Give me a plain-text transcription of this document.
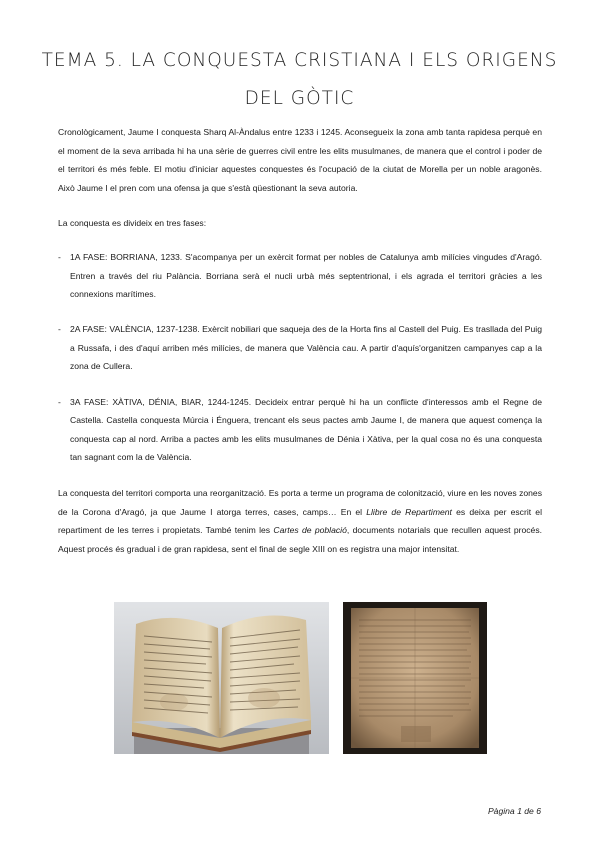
TEMA 5. LA CONQUESTA CRISTIANA I ELS ORIGENS DEL GÒTIC

Cronològicament, Jaume I conquesta Sharq Al-Àndalus entre 1233 i 1245. Aconsegueix la zona amb tanta rapidesa perquè en el moment de la seva arribada hi ha una sèrie de guerres civil entre les elits musulmanes, de manera que el control i poder de el territori és més feble. El motiu d'iniciar aquestes conquestes és l'ocupació de la ciutat de Morella per un noble aragonès. Això Jaume I el pren com una ofensa ja que s'està qüestionant la seva autoria.

La conquesta es divideix en tres fases:

- 1A FASE: BORRIANA, 1233. S'acompanya per un exèrcit format per nobles de Catalunya amb milícies vingudes d'Aragó. Entren a través del riu Palància. Borriana serà el nucli urbà més septentrional, i els agrada el territori gràcies a les connexions marítimes.
- 2A FASE: VALÈNCIA, 1237-1238. Exèrcit nobiliari que saqueja des de la Horta fins al Castell del Puig. Es trasllada del Puig a Russafa, i des d'aquí arriben més milícies, de manera que València cau. A partir d'aquís'organitzen campanyes cap a la zona de Cullera.
- 3A FASE: XÀTIVA, DÉNIA, BIAR, 1244-1245. Decideix entrar perquè hi ha un conflicte d'interessos amb el Regne de Castella. Castella conquesta Múrcia i Énguera, trencant els seus pactes amb Jaume I, de manera que aquest comença la conquesta cap al nord. Arriba a pactes amb les elits musulmanes de Dénia i Xàtiva, per la qual cosa no és una conquesta tan sagnant com la de València.

La conquesta del territori comporta una reorganització. Es porta a terme un programa de colonització, viure en les noves zones de la Corona d'Aragó, ja que Jaume I atorga terres, cases, camps… En el Llibre de Repartiment es deixa per escrit el repartiment de les terres i propietats. També tenim les Cartes de població, documents notarials que recullen aquest procés. Aquest procés és gradual i de gran rapidesa, sent el final de segle XIII on es registra una major intensitat.

Pàgina 1 de 6
